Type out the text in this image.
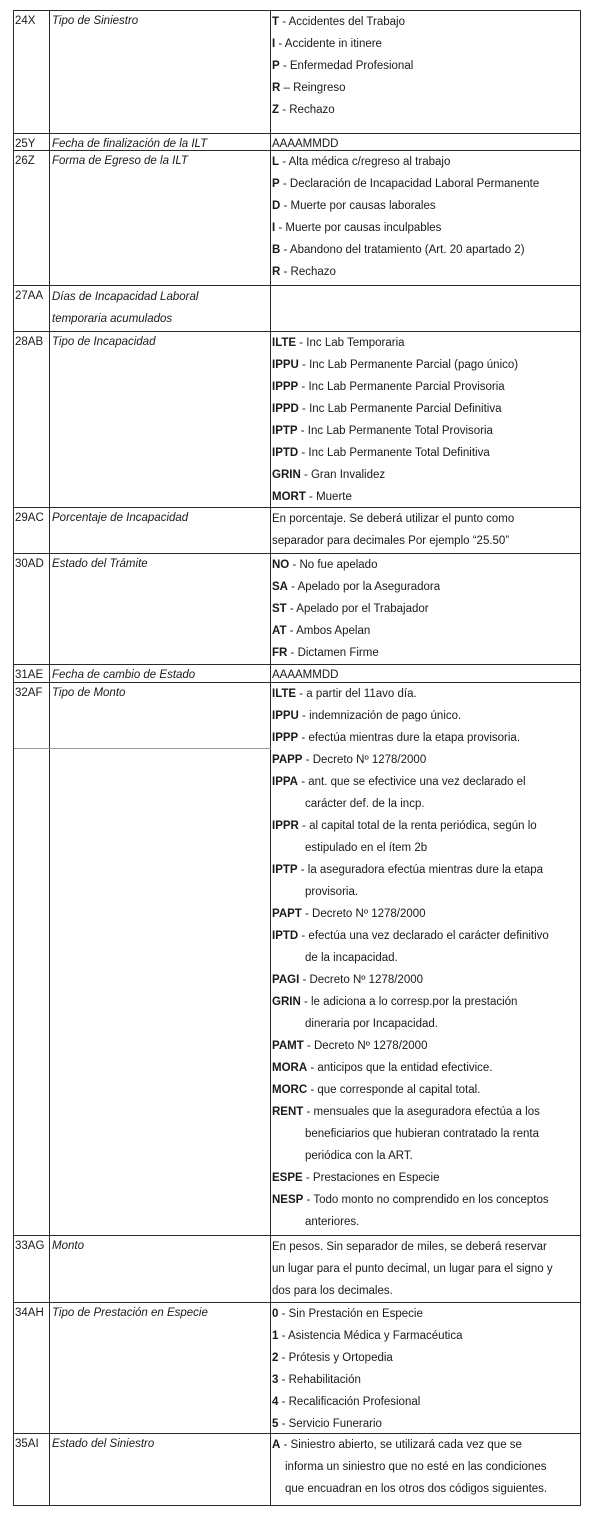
24X	Tipo de Siniestro	T - Accidentes del Trabajo
I - Accidente in itinere
P - Enfermedad Profesional
R – Reingreso
Z - Rechazo
25Y	Fecha de finalización de la ILT	AAAAMMDD
26Z	Forma de Egreso de la ILT	L - Alta médica c/regreso al trabajo
P - Declaración de Incapacidad Laboral Permanente
D - Muerte por causas laborales
I - Muerte por causas inculpables
B - Abandono del tratamiento (Art. 20 apartado 2)
R - Rechazo
27AA Días de Incapacidad Laboral
temporaria acumulados
28AB Tipo de Incapacidad	ILTE - Inc Lab Temporaria
IPPU - Inc Lab Permanente Parcial (pago único)
IPPP - Inc Lab Permanente Parcial Provisoria
IPPD - Inc Lab Permanente Parcial Definitiva
IPTP - Inc Lab Permanente Total Provisoria
IPTD - Inc Lab Permanente Total Definitiva
GRIN - Gran Invalidez
MORT - Muerte
29AC Porcentaje de Incapacidad	En porcentaje. Se deberá utilizar el punto como
separador para decimales Por ejemplo “25.50”
30AD Estado del Trámite	NO - No fue apelado
SA - Apelado por la Aseguradora
ST - Apelado por el Trabajador
AT - Ambos Apelan
FR - Dictamen Firme
31AE Fecha de cambio de Estado	AAAAMMDD
32AF Tipo de Monto	ILTE - a partir del 11avo día.
IPPU - indemnización de pago único.
IPPP - efectúa mientras dure la etapa provisoria.
PAPP - Decreto Nº 1278/2000
IPPA - ant. que se efectivice una vez declarado el
carácter def. de la incp.
IPPR - al capital total de la renta periódica, según lo
estipulado en el ítem 2b
IPTP - la aseguradora efectúa mientras dure la etapa
provisoria.
PAPT - Decreto Nº 1278/2000
IPTD - efectúa una vez declarado el carácter definitivo
de la incapacidad.
PAGI - Decreto Nº 1278/2000
GRIN - le adiciona a lo corresp.por la prestación
dineraria por Incapacidad.
PAMT - Decreto Nº 1278/2000
MORA - anticipos que la entidad efectivice.
MORC - que corresponde al capital total.
RENT - mensuales que la aseguradora efectúa a los
beneficiarios que hubieran contratado la renta
periódica con la ART.
ESPE - Prestaciones en Especie
NESP - Todo monto no comprendido en los conceptos
anteriores.
33AG Monto	En pesos. Sin separador de miles, se deberá reservar
un lugar para el punto decimal, un lugar para el signo y
dos para los decimales.
34AH Tipo de Prestación en Especie	0 - Sin Prestación en Especie
1 - Asistencia Médica y Farmacéutica
2 - Prótesis y Ortopedia
3 - Rehabilitación
4 - Recalificación Profesional
5 - Servicio Funerario
35AI	Estado del Siniestro	A - Siniestro abierto, se utilizará cada vez que se
informa un siniestro que no esté en las condiciones
que encuadran en los otros dos códigos siguientes.
